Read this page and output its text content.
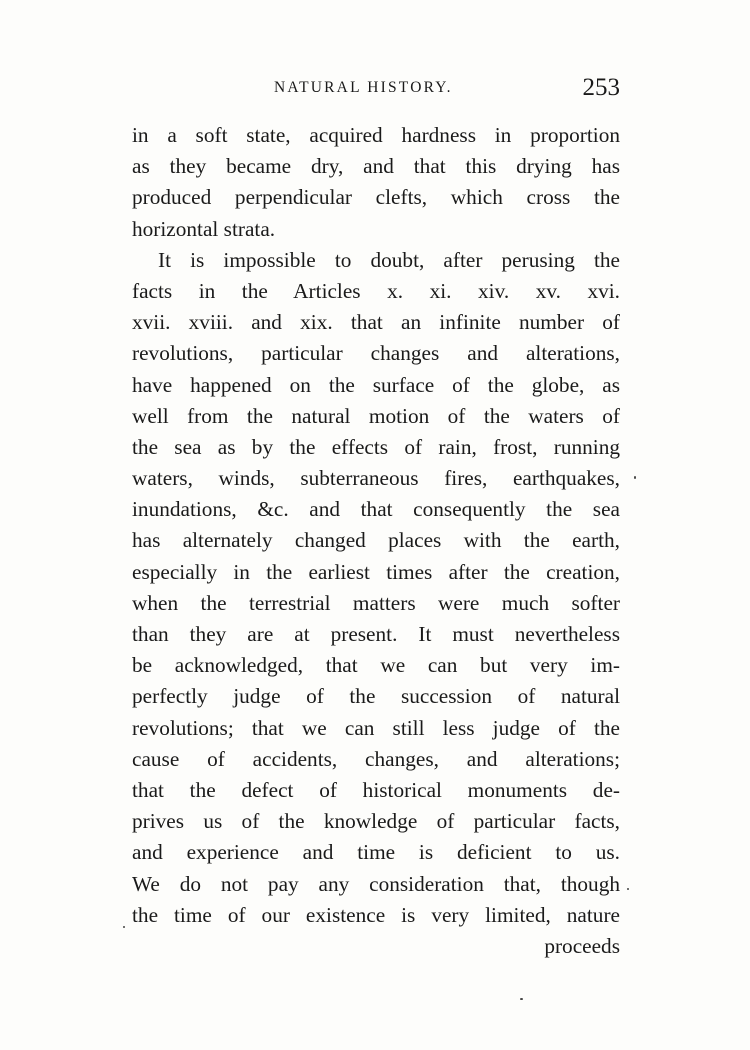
NATURAL HISTORY.	253
in a soft state, acquired hardness in proportion
as they became dry, and that this drying has
produced perpendicular clefts, which cross the
horizontal strata.
It is impossible to doubt, after perusing the
facts in the Articles x. xi. xiv. xv. xvi.
xvii. xviii. and xix. that an infinite number of
revolutions, particular changes and alterations,
have happened on the surface of the globe, as
well from the natural motion of the waters of
the sea as by the effects of rain, frost, running
waters, winds, subterraneous fires, earthquakes,
inundations, &c. and that consequently the sea
has alternately changed places with the earth,
especially in the earliest times after the creation,
when the terrestrial matters were much softer
than they are at present. It must nevertheless
be acknowledged, that we can but very im-
perfectly judge of the succession of natural
revolutions; that we can still less judge of the
cause of accidents, changes, and alterations;
that the defect of historical monuments de-
prives us of the knowledge of particular facts,
and experience and time is deficient to us.
We do not pay any consideration that, though
the time of our existence is very limited, nature
proceeds
